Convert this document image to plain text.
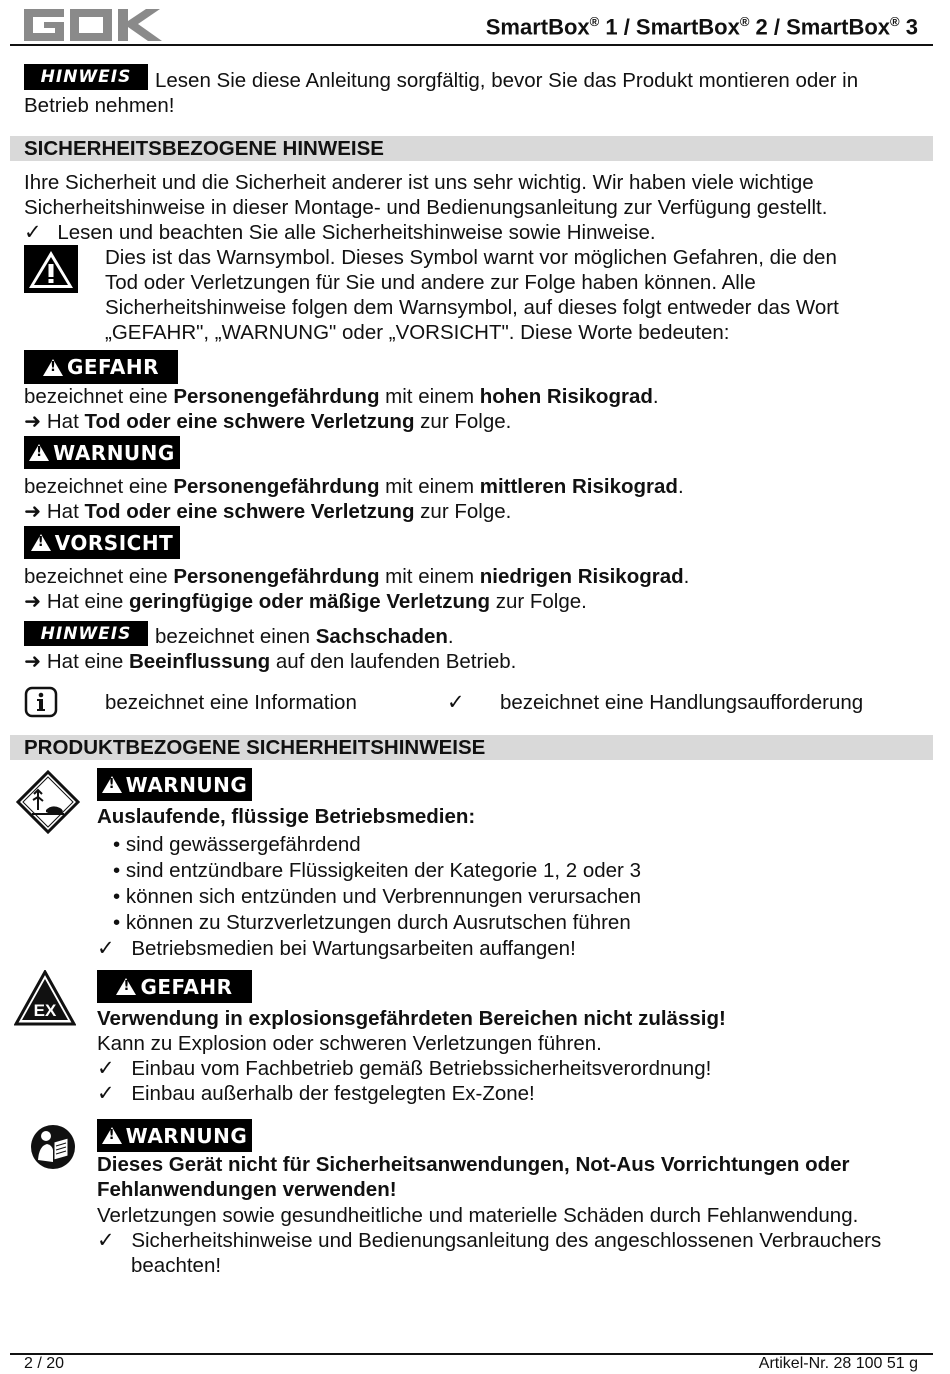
SmartBox® 1 / SmartBox® 2 / SmartBox® 3
HINWEIS	Lesen Sie diese Anleitung sorgfältig, bevor Sie das Produkt montieren oder in
Betrieb nehmen!
SICHERHEITSBEZOGENE HINWEISE
Ihre Sicherheit und die Sicherheit anderer ist uns sehr wichtig. Wir haben viele wichtige
Sicherheitshinweise in dieser Montage- und Bedienungsanleitung zur Verfügung gestellt.
✓ Lesen und beachten Sie alle Sicherheitshinweise sowie Hinweise.
Dies ist das Warnsymbol. Dieses Symbol warnt vor möglichen Gefahren, die den
Tod oder Verletzungen für Sie und andere zur Folge haben können. Alle
Sicherheitshinweise folgen dem Warnsymbol, auf dieses folgt entweder das Wort
„GEFAHR", „WARNUNG" oder „VORSICHT". Diese Worte bedeuten:
!
GEFAHR
bezeichnet eine Personengefährdung mit einem hohen Risikograd.
➜ Hat Tod oder eine schwere Verletzung zur Folge.
!
WARNUNG
bezeichnet eine Personengefährdung mit einem mittleren Risikograd.
➜ Hat Tod oder eine schwere Verletzung zur Folge.
!
VORSICHT
bezeichnet eine Personengefährdung mit einem niedrigen Risikograd.
➜ Hat eine geringfügige oder mäßige Verletzung zur Folge.
HINWEIS	bezeichnet einen Sachschaden.
➜ Hat eine Beeinflussung auf den laufenden Betrieb.
bezeichnet eine Information	✓ bezeichnet eine Handlungsaufforderung
PRODUKTBEZOGENE SICHERHEITSHINWEISE
!
WARNUNG
Auslaufende, flüssige Betriebsmedien:
• sind gewässergefährdend
• sind entzündbare Flüssigkeiten der Kategorie 1, 2 oder 3
• können sich entzünden und Verbrennungen verursachen
• können zu Sturzverletzungen durch Ausrutschen führen
✓ Betriebsmedien bei Wartungsarbeiten auffangen!
EX
!
GEFAHR
Verwendung in explosionsgefährdeten Bereichen nicht zulässig!
Kann zu Explosion oder schweren Verletzungen führen.
✓ Einbau vom Fachbetrieb gemäß Betriebssicherheitsverordnung!
✓ Einbau außerhalb der festgelegten Ex-Zone!
!
WARNUNG
Dieses Gerät nicht für Sicherheitsanwendungen, Not-Aus Vorrichtungen oder
Fehlanwendungen verwenden!
Verletzungen sowie gesundheitliche und materielle Schäden durch Fehlanwendung.
✓ Sicherheitshinweise und Bedienungsanleitung des angeschlossenen Verbrauchers
beachten!
2 / 20	Artikel-Nr. 28 100 51 g
